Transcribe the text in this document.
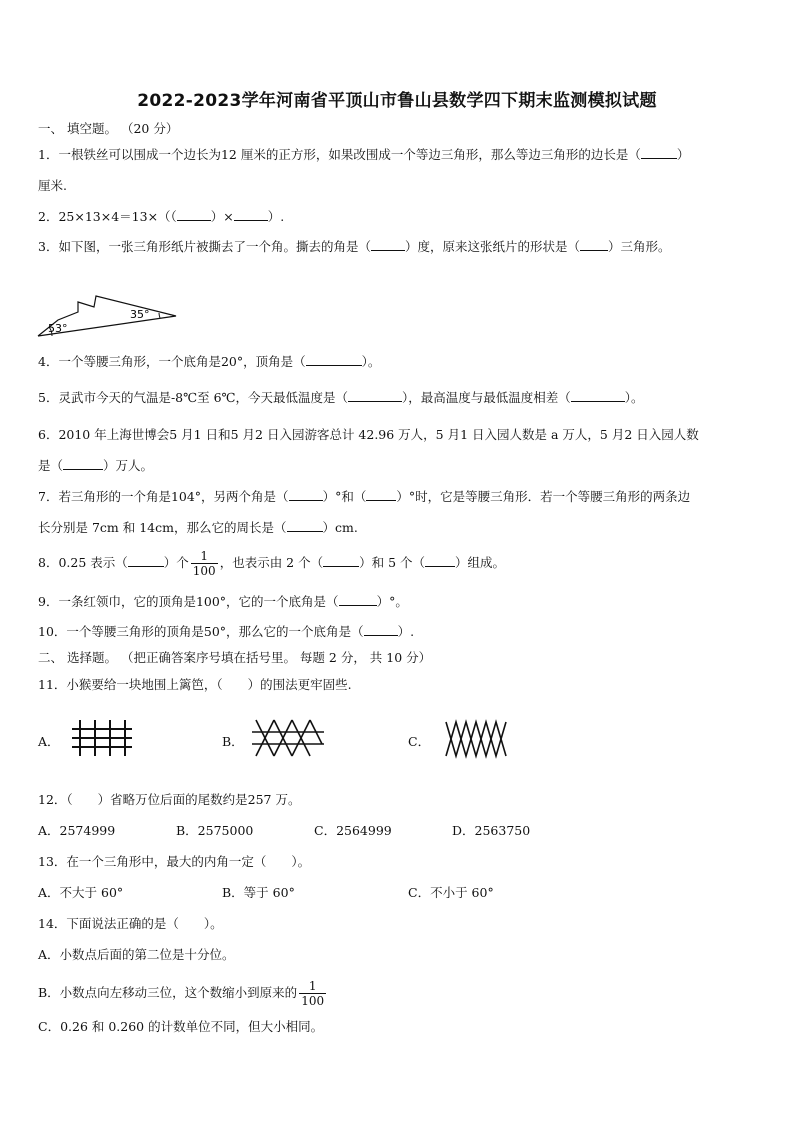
2022-2023学年河南省平顶山市鲁山县数学四下期末监测模拟试题
一、 填空题。 （20 分）
1．一根铁丝可以围成一个边长为12 厘米的正方形，如果改围成一个等边三角形，那么等边三角形的边长是（	）
厘米.
2．25×13×4＝13×（（	）×	）.
3．如下图，一张三角形纸片被撕去了一个角。撕去的角是（	）度，原来这张纸片的形状是（ ）三角形。
53°
35°
4．一个等腰三角形，一个底角是20°，顶角是（	）。
5．灵武市今天的气温是-8℃至 6℃，今天最低温度是（	），最高温度与最低温度相差（	）。
6．2010 年上海世博会5 月1 日和5 月2 日入园游客总计 42.96 万人，5 月1 日入园人数是 a 万人，5 月2 日入园人数
是（	）万人。
7．若三角形的一个角是104°，另两个角是（	）°和（ ）°时，它是等腰三角形．若一个等腰三角形的两条边
长分别是 7cm 和 14cm，那么它的周长是（	）cm.
8．0.25 表示（	）个 $\frac{1}{100}$ ，也表示由 2 个（	）和 5 个（ ）组成。
9．一条红领巾，它的顶角是100°，它的一个底角是（	）°。
10．一个等腰三角形的顶角是50°，那么它的一个底角是（	）.
二、 选择题。 （把正确答案序号填在括号里。 每题 2 分， 共 10 分）
11．小猴要给一块地围上篱笆，（　　）的围法更牢固些.
A．	B．	C．
12．（　　）省略万位后面的尾数约是257 万。
A．2574999	B．2575000	C．2564999	D．2563750
13．在一个三角形中，最大的内角一定（　　）。
A．不大于 60°	B．等于 60°	C．不小于 60°
14．下面说法正确的是（　　）。
A．小数点后面的第二位是十分位。
B．小数点向左移动三位，这个数缩小到原来的 $\frac{1}{100}$
C．0.26 和 0.260 的计数单位不同，但大小相同。
